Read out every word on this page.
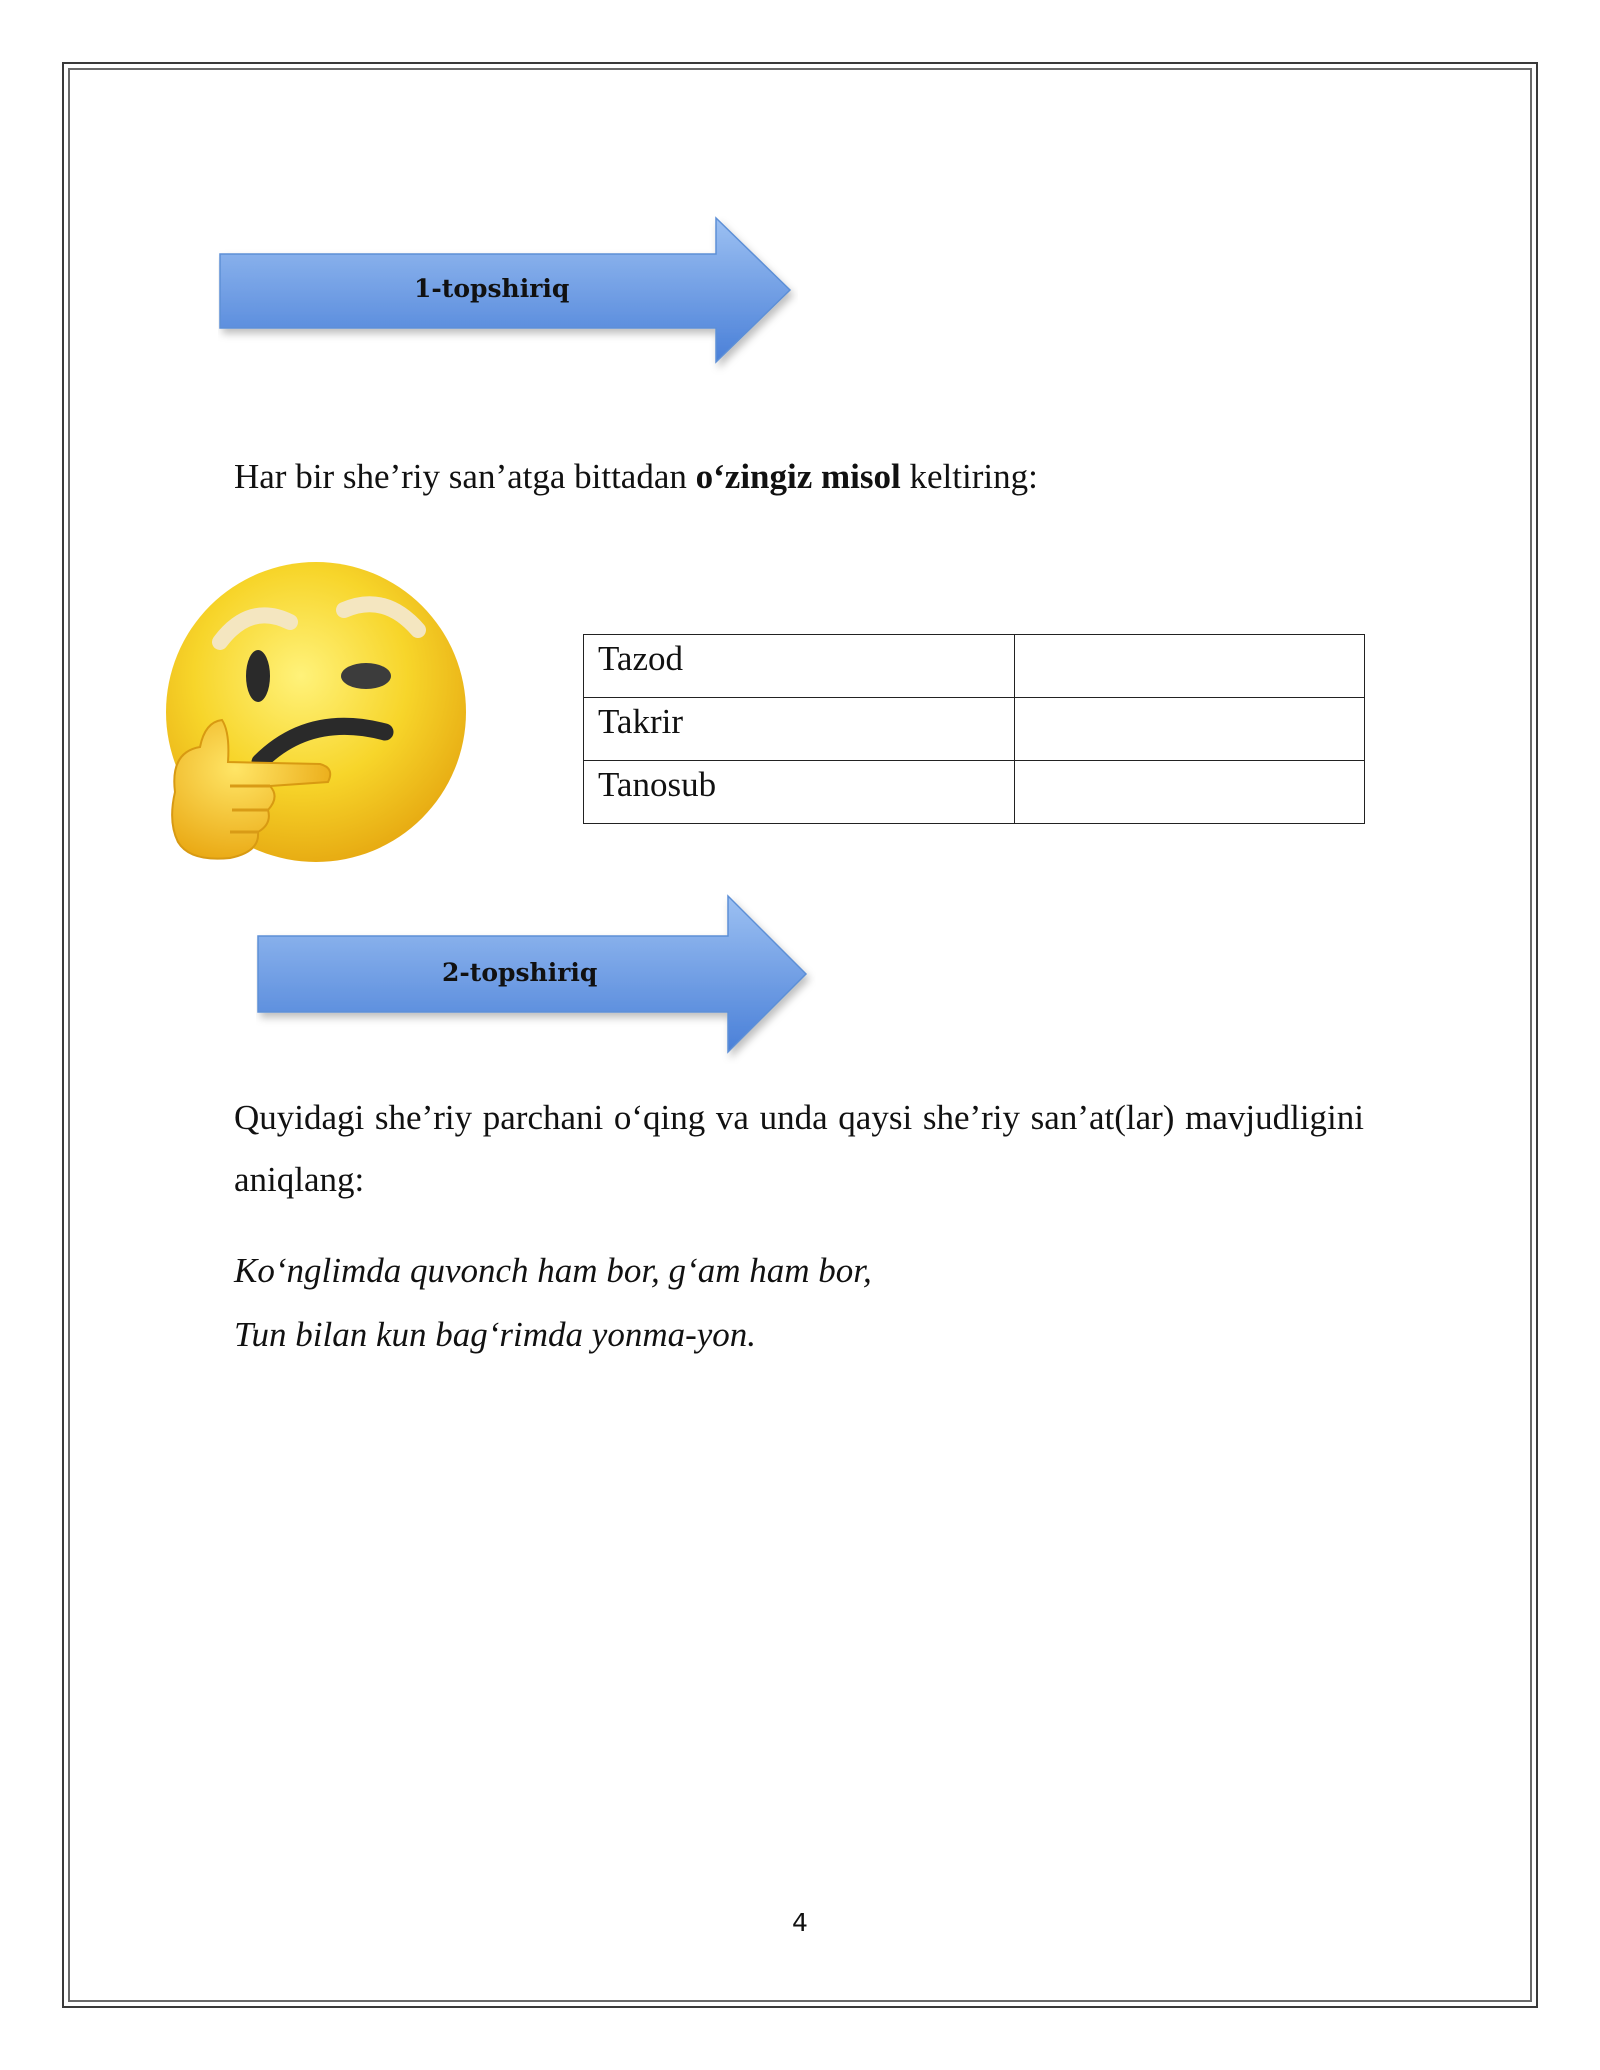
1-topshiriq
Har bir she’riy san’atga bittadan o‘zingiz misol keltiring:
Tazod	
Takrir	
Tanosub	
2-topshiriq
Quyidagi she’riy parchani o‘qing va unda qaysi she’riy san’at(lar) mavjudligini aniqlang:
Ko‘nglimda quvonch ham bor, g‘am ham bor,
Tun bilan kun bag‘rimda yonma-yon.
4
